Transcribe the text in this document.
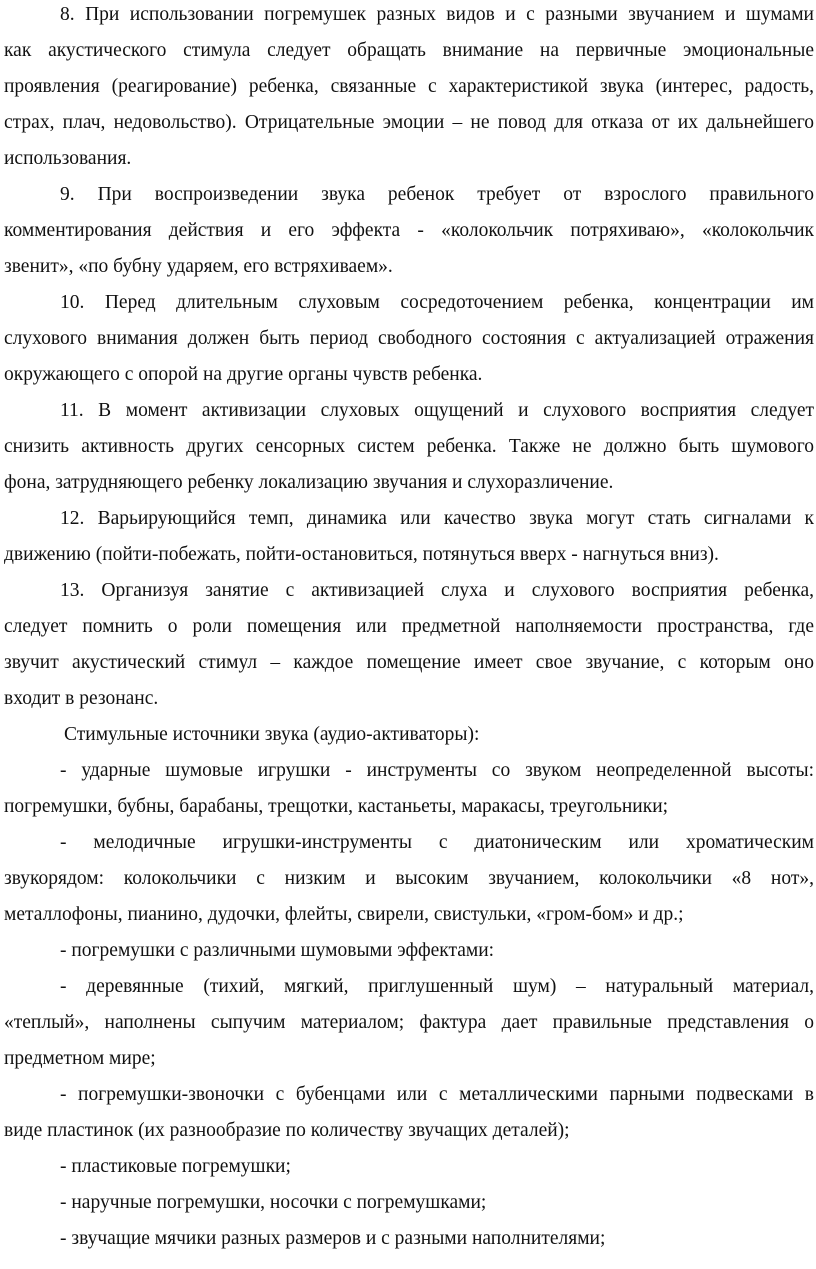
8. При использовании погремушек разных видов и с разными звучанием и шумами
как акустического стимула следует обращать внимание на первичные эмоциональные
проявления (реагирование) ребенка, связанные с характеристикой звука (интерес, радость,
страх, плач, недовольство). Отрицательные эмоции – не повод для отказа от их дальнейшего
использования.
9. При воспроизведении звука ребенок требует от взрослого правильного
комментирования действия и его эффекта - «колокольчик потряхиваю», «колокольчик
звенит», «по бубну ударяем, его встряхиваем».
10. Перед длительным слуховым сосредоточением ребенка, концентрации им
слухового внимания должен быть период свободного состояния с актуализацией отражения
окружающего с опорой на другие органы чувств ребенка.
11. В момент активизации слуховых ощущений и слухового восприятия следует
снизить активность других сенсорных систем ребенка. Также не должно быть шумового
фона, затрудняющего ребенку локализацию звучания и слухоразличение.
12. Варьирующийся темп, динамика или качество звука могут стать сигналами к
движению (пойти-побежать, пойти-остановиться, потянуться вверх - нагнуться вниз).
13. Организуя занятие с активизацией слуха и слухового восприятия ребенка,
следует помнить о роли помещения или предметной наполняемости пространства, где
звучит акустический стимул – каждое помещение имеет свое звучание, с которым оно
входит в резонанс.
Стимульные источники звука (аудио-активаторы):
- ударные шумовые игрушки - инструменты со звуком неопределенной высоты:
погремушки, бубны, барабаны, трещотки, кастаньеты, маракасы, треугольники;
- мелодичные игрушки-инструменты с диатоническим или хроматическим
звукорядом: колокольчики с низким и высоким звучанием, колокольчики «8 нот»,
металлофоны, пианино, дудочки, флейты, свирели, свистульки, «гром-бом» и др.;
- погремушки с различными шумовыми эффектами:
- деревянные (тихий, мягкий, приглушенный шум) – натуральный материал,
«теплый», наполнены сыпучим материалом; фактура дает правильные представления о
предметном мире;
- погремушки-звоночки с бубенцами или с металлическими парными подвесками в
виде пластинок (их разнообразие по количеству звучащих деталей);
- пластиковые погремушки;
- наручные погремушки, носочки с погремушками;
- звучащие мячики разных размеров и с разными наполнителями;
